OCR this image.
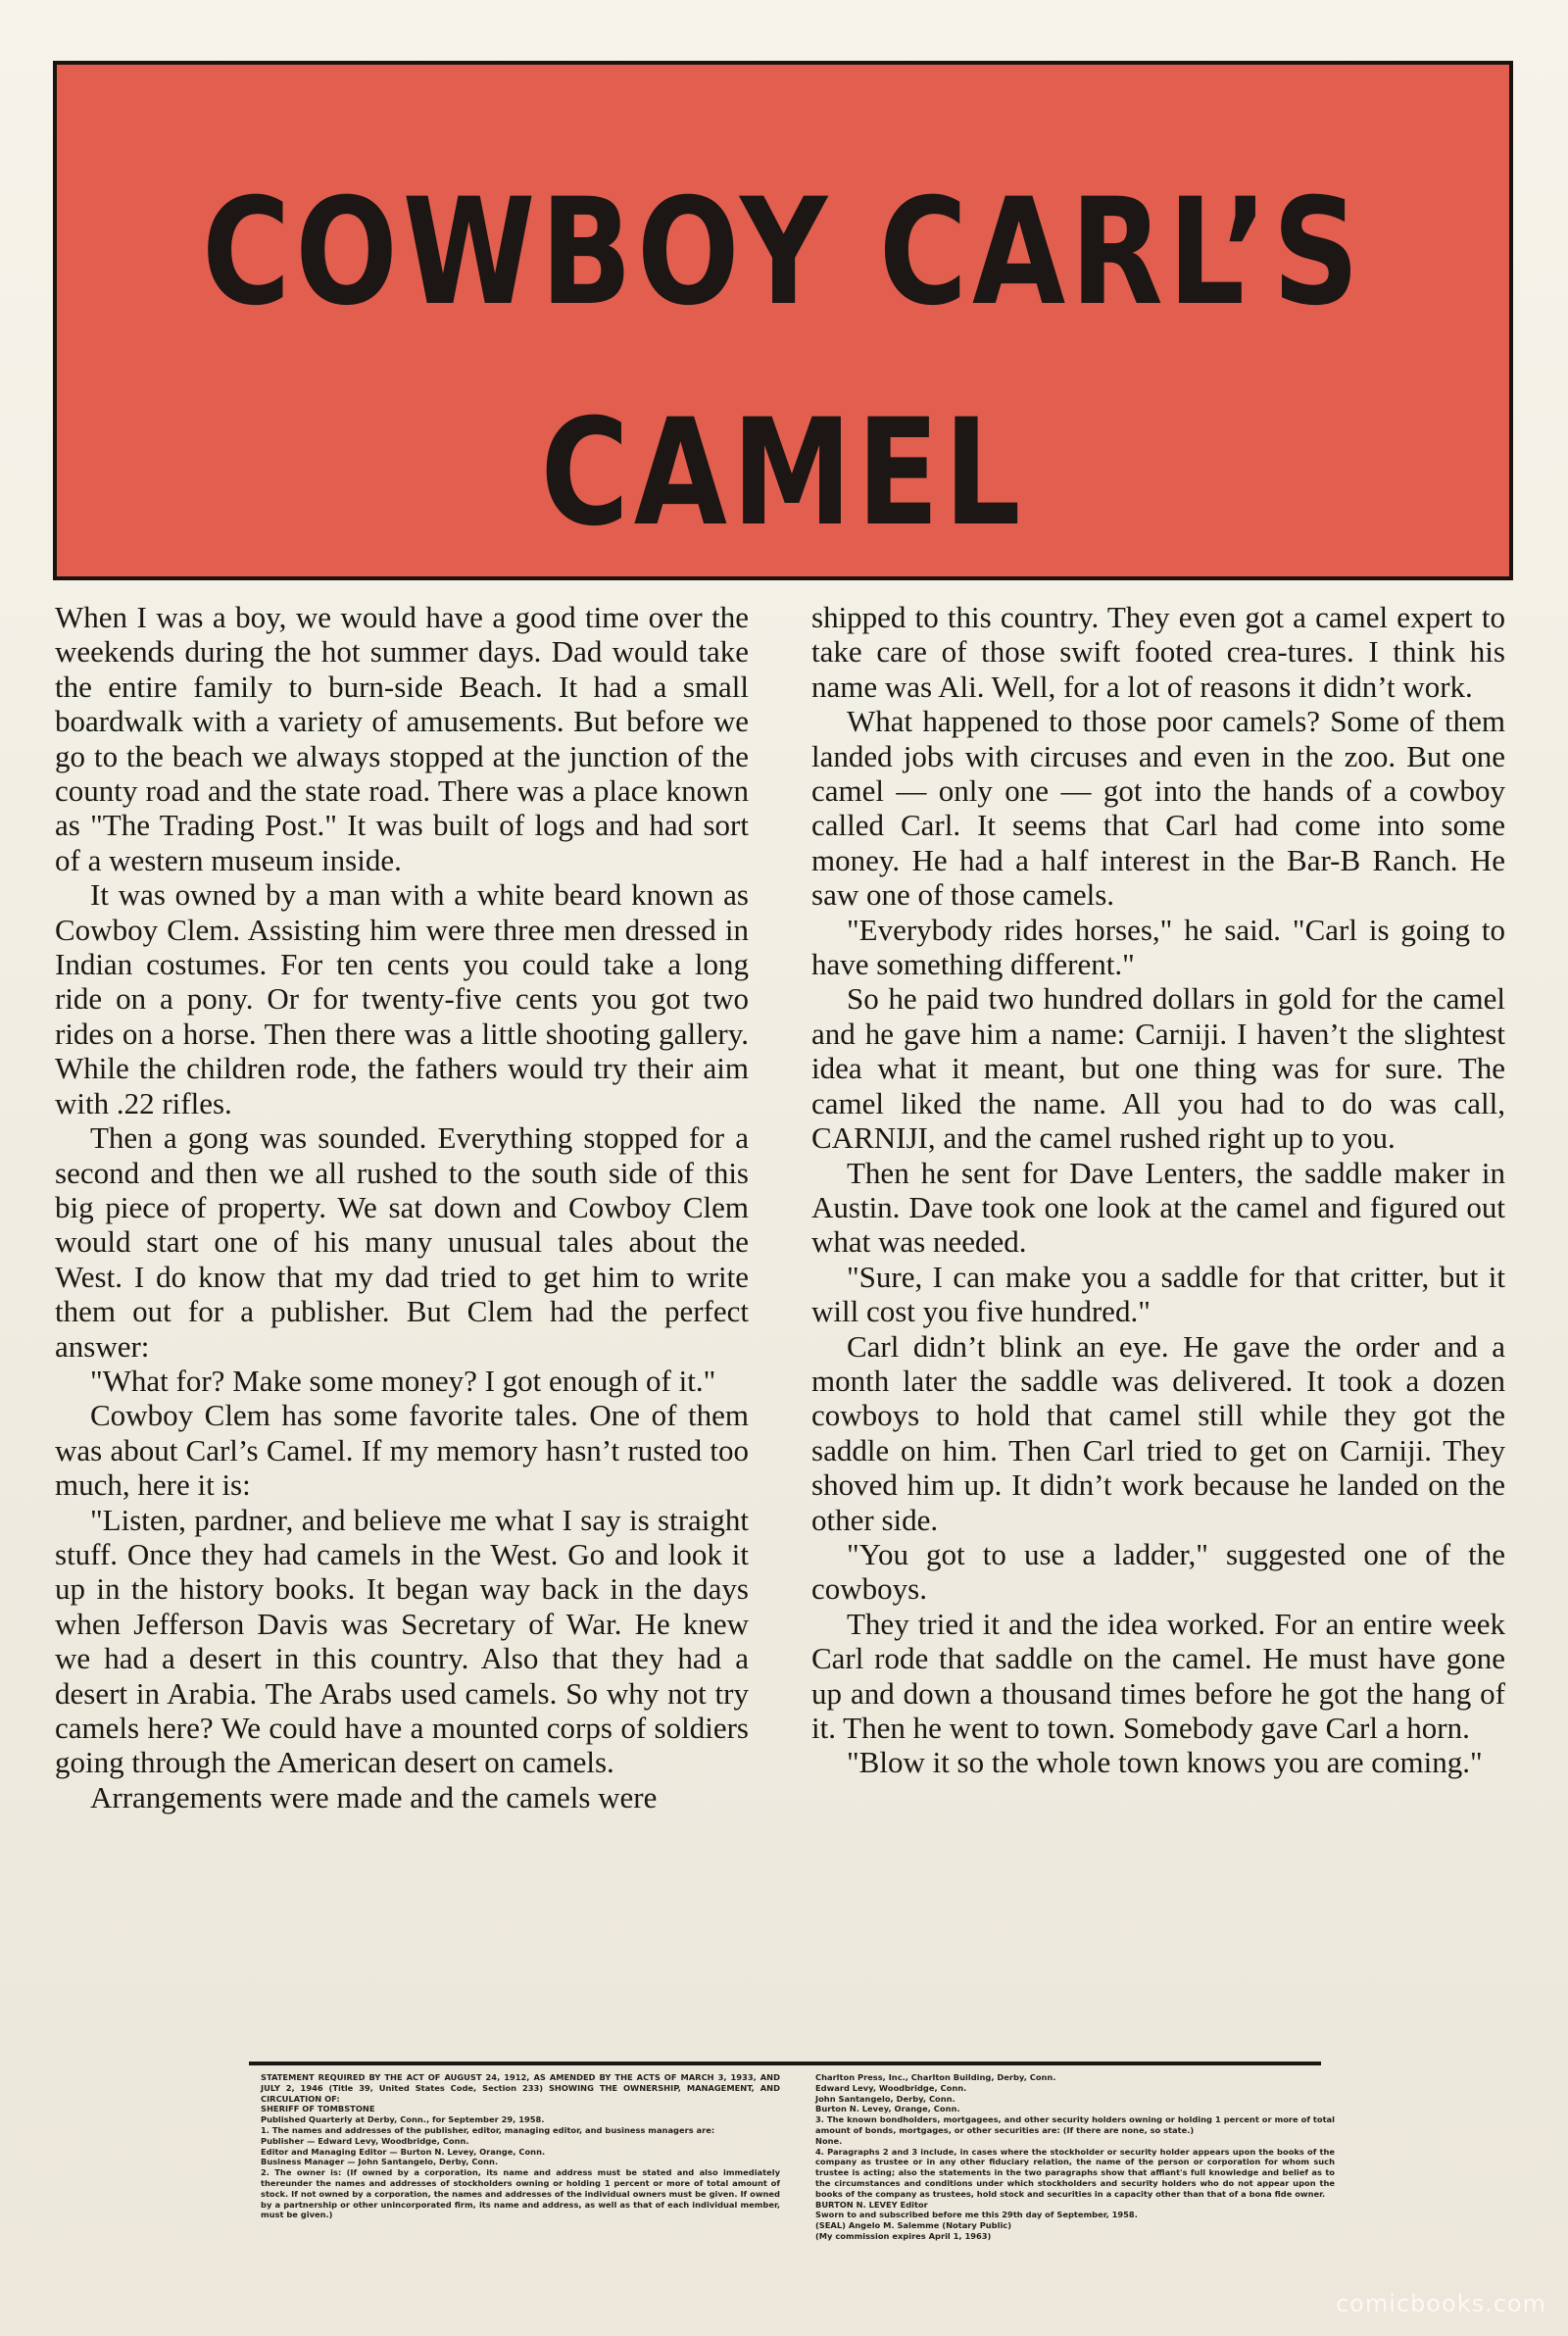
COWBOY CARL’S
CAMEL

When I was a boy, we would have a good time over the weekends during the hot summer days. Dad would take the entire family to burn-side Beach. It had a small boardwalk with a variety of amusements. But before we go to the beach we always stopped at the junction of the county road and the state road. There was a place known as "The Trading Post." It was built of logs and had sort of a western museum inside.

It was owned by a man with a white beard known as Cowboy Clem. Assisting him were three men dressed in Indian costumes. For ten cents you could take a long ride on a pony. Or for twenty-five cents you got two rides on a horse. Then there was a little shooting gallery. While the children rode, the fathers would try their aim with .22 rifles.

Then a gong was sounded. Everything stopped for a second and then we all rushed to the south side of this big piece of property. We sat down and Cowboy Clem would start one of his many unusual tales about the West. I do know that my dad tried to get him to write them out for a publisher. But Clem had the perfect answer:

"What for? Make some money? I got enough of it."

Cowboy Clem has some favorite tales. One of them was about Carl’s Camel. If my memory hasn’t rusted too much, here it is:

"Listen, pardner, and believe me what I say is straight stuff. Once they had camels in the West. Go and look it up in the history books. It began way back in the days when Jefferson Davis was Secretary of War. He knew we had a desert in this country. Also that they had a desert in Arabia. The Arabs used camels. So why not try camels here? We could have a mounted corps of soldiers going through the American desert on camels.

Arrangements were made and the camels were

shipped to this country. They even got a camel expert to take care of those swift footed crea-tures. I think his name was Ali. Well, for a lot of reasons it didn’t work.

What happened to those poor camels? Some of them landed jobs with circuses and even in the zoo. But one camel — only one — got into the hands of a cowboy called Carl. It seems that Carl had come into some money. He had a half interest in the Bar-B Ranch. He saw one of those camels.

"Everybody rides horses," he said. "Carl is going to have something different."

So he paid two hundred dollars in gold for the camel and he gave him a name: Carniji. I haven’t the slightest idea what it meant, but one thing was for sure. The camel liked the name. All you had to do was call, CARNIJI, and the camel rushed right up to you.

Then he sent for Dave Lenters, the saddle maker in Austin. Dave took one look at the camel and figured out what was needed.

"Sure, I can make you a saddle for that critter, but it will cost you five hundred."

Carl didn’t blink an eye. He gave the order and a month later the saddle was delivered. It took a dozen cowboys to hold that camel still while they got the saddle on him. Then Carl tried to get on Carniji. They shoved him up. It didn’t work because he landed on the other side.

"You got to use a ladder," suggested one of the cowboys.

They tried it and the idea worked. For an entire week Carl rode that saddle on the camel. He must have gone up and down a thousand times before he got the hang of it. Then he went to town. Somebody gave Carl a horn.

"Blow it so the whole town knows you are coming."

STATEMENT REQUIRED BY THE ACT OF AUGUST 24, 1912, AS AMENDED BY THE ACTS OF MARCH 3, 1933, AND JULY 2, 1946 (Title 39, United States Code, Section 233) SHOWING THE OWNERSHIP, MANAGEMENT, AND CIRCULATION OF:

SHERIFF OF TOMBSTONE

Published Quarterly at Derby, Conn., for September 29, 1958.

1. The names and addresses of the publisher, editor, managing editor, and business managers are:

Publisher — Edward Levy, Woodbridge, Conn.

Editor and Managing Editor — Burton N. Levey, Orange, Conn.

Business Manager — John Santangelo, Derby, Conn.

2. The owner is: (If owned by a corporation, its name and address must be stated and also immediately thereunder the names and addresses of stockholders owning or holding 1 percent or more of total amount of stock. If not owned by a corporation, the names and addresses of the individual owners must be given. If owned by a partnership or other unincorporated firm, its name and address, as well as that of each individual member, must be given.)

Charlton Press, Inc., Charlton Building, Derby, Conn.

Edward Levy, Woodbridge, Conn.

John Santangelo, Derby, Conn.

Burton N. Levey, Orange, Conn.

3. The known bondholders, mortgagees, and other security holders owning or holding 1 percent or more of total amount of bonds, mortgages, or other securities are: (If there are none, so state.)

None.

4. Paragraphs 2 and 3 include, in cases where the stockholder or security holder appears upon the books of the company as trustee or in any other fiduciary relation, the name of the person or corporation for whom such trustee is acting; also the statements in the two paragraphs show that affiant's full knowledge and belief as to the circumstances and conditions under which stockholders and security holders who do not appear upon the books of the company as trustees, hold stock and securities in a capacity other than that of a bona fide owner.

BURTON N. LEVEY Editor

Sworn to and subscribed before me this 29th day of September, 1958.

(SEAL) Angelo M. Salemme (Notary Public)

(My commission expires April 1, 1963)

comicbooks.com
